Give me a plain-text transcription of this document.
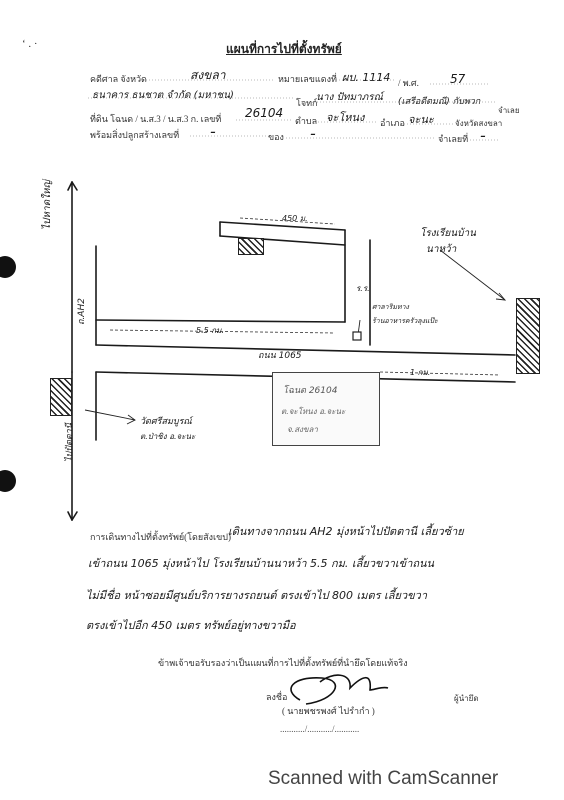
‘ . ·	แผนที่การไปที่ตั้งทรัพย์
คดีศาล จังหวัด	สงขลา	หมายเลขแดงที่ ผบ. 1114 / พ.ศ.	57
ธนาคาร ธนชาต จำกัด (มหาชน)
โจทก์
นาง ปัทมาภรณ์ (เสรีอดีตมณี) กับพวก
จำเลย
ที่ดิน โฉนด / น.ส.3 / น.ส.3 ก. เลขที่ 26104
ตำบล จะโหนง อำเภอ จะนะ	จังหวัดสงขลา
พร้อมสิ่งปลูกสร้างเลขที่ -	ของ -	จำเลยที่ -
ไปหาดใหญ่
ถ.AH2
ไปปัตตานี
450 ม.
5.5 กม.
ถนน 1065
1 กม.
โรงเรียนบ้าน
นาหว้า
ร.ร.
ศาลาริมทาง
ร้านอาหารครัวลุงแป๊ะ
วัดศรีสมบูรณ์
ต.ป่าชิง อ.จะนะ
โฉนด 26104
ต.จะโหนง อ.จะนะ
จ.สงขลา
การเดินทางไปที่ตั้งทรัพย์(โดยสังเขป)
เดินทางจากถนน AH2 มุ่งหน้าไปปัตตานี เลี้ยวซ้าย
เข้าถนน 1065 มุ่งหน้าไป โรงเรียนบ้านนาหว้า 5.5 กม. เลี้ยวขวาเข้าถนน
ไม่มีชื่อ หน้าซอยมีศูนย์บริการยางรถยนต์ ตรงเข้าไป 800 เมตร เลี้ยวขวา
ตรงเข้าไปอีก 450 เมตร ทรัพย์อยู่ทางขวามือ
ข้าพเจ้าขอรับรองว่าเป็นแผนที่การไปที่ตั้งทรัพย์ที่นำยึดโดยแท้จริง
ลงชื่อ
( นายพชรพงศ์ ไปรำกำ )
ผู้นำยึด
.........../.........../...........
Scanned with CamScanner
